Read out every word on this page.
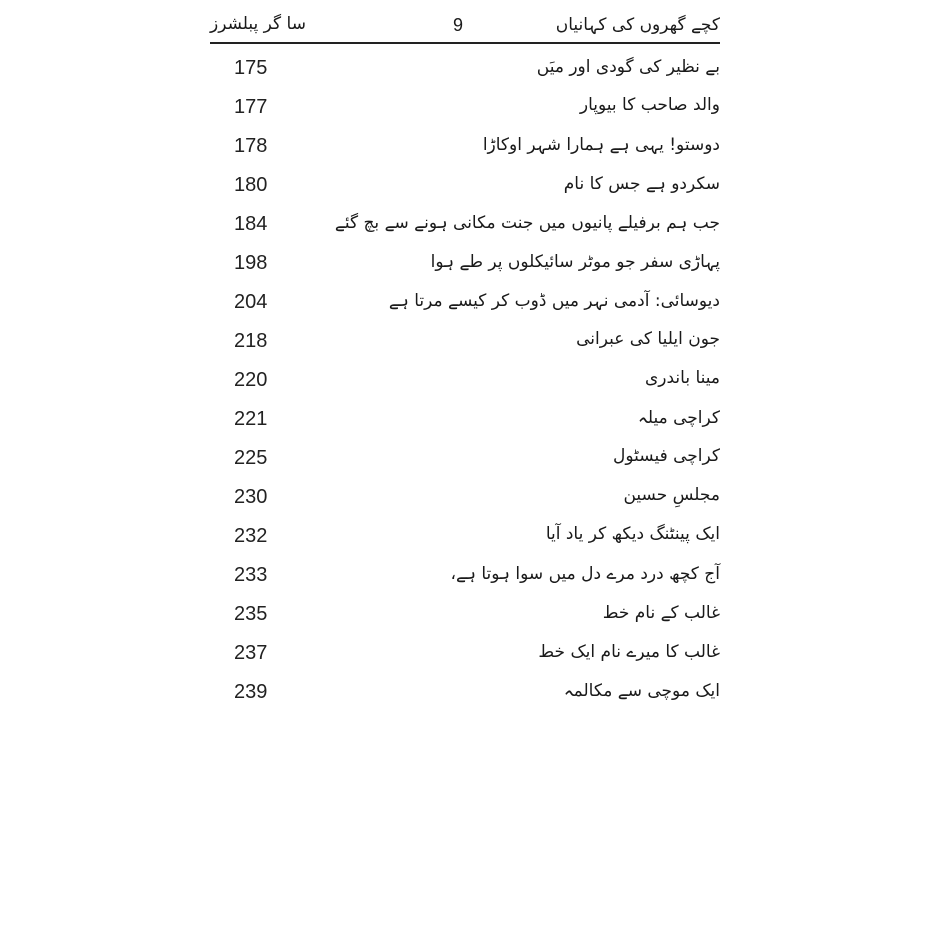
سا گر پبلشرز	9	کچے گھروں کی کہانیاں
175	بے نظیر کی گودی اور میَں
177	والد صاحب کا بیوپار
178	دوستو! یہی ہے ہمارا شہر اوکاڑا
180	سکردو ہے جس کا نام
184	جب ہم برفیلے پانیوں میں جنت مکانی ہونے سے بچ گئے
198	پہاڑی سفر جو موٹر سائیکلوں پر طے ہوا
204	دیوسائی: آدمی نہر میں ڈوب کر کیسے مرتا ہے
218	جون ایلیا کی عبرانی
220	مینا باندری
221	کراچی میلہ
225	کراچی فیسٹول
230	مجلسِ حسین
232	ایک پینٹنگ دیکھ کر یاد آیا
233	آج کچھ درد مرے دل میں سوا ہوتا ہے،
235	غالب کے نام خط
237	غالب کا میرے نام ایک خط
239	ایک موچی سے مکالمہ
